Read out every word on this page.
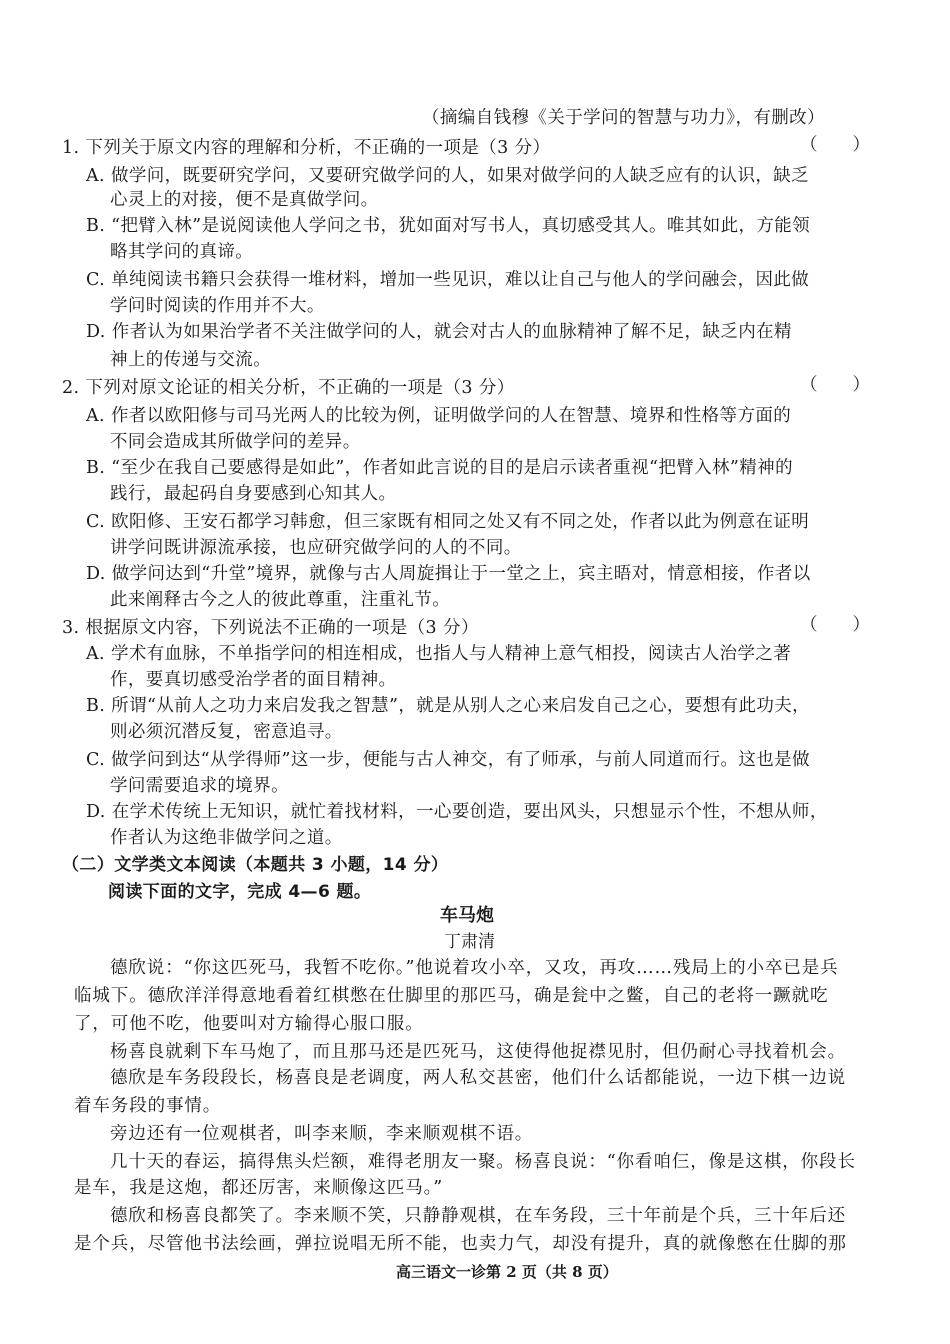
（摘编自钱穆《关于学问的智慧与功力》，有删改）
1. 下列关于原文内容的理解和分析，不正确的一项是（3 分）	（　　）
A. 做学问，既要研究学问，又要研究做学问的人，如果对做学问的人缺乏应有的认识，缺乏
心灵上的对接，便不是真做学问。
B. “把臂入林”是说阅读他人学问之书，犹如面对写书人，真切感受其人。唯其如此，方能领
略其学问的真谛。
C. 单纯阅读书籍只会获得一堆材料，增加一些见识，难以让自己与他人的学问融会，因此做
学问时阅读的作用并不大。
D. 作者认为如果治学者不关注做学问的人，就会对古人的血脉精神了解不足，缺乏内在精
神上的传递与交流。
2. 下列对原文论证的相关分析，不正确的一项是（3 分）	（　　）
A. 作者以欧阳修与司马光两人的比较为例，证明做学问的人在智慧、境界和性格等方面的
不同会造成其所做学问的差异。
B. “至少在我自己要感得是如此”，作者如此言说的目的是启示读者重视“把臂入林”精神的
践行，最起码自身要感到心知其人。
C. 欧阳修、王安石都学习韩愈，但三家既有相同之处又有不同之处，作者以此为例意在证明
讲学问既讲源流承接，也应研究做学问的人的不同。
D. 做学问达到“升堂”境界，就像与古人周旋揖让于一堂之上，宾主晤对，情意相接，作者以
此来阐释古今之人的彼此尊重，注重礼节。
3. 根据原文内容，下列说法不正确的一项是（3 分）	（　　）
A. 学术有血脉，不单指学问的相连相成，也指人与人精神上意气相投，阅读古人治学之著
作，要真切感受治学者的面目精神。
B. 所谓“从前人之功力来启发我之智慧”，就是从别人之心来启发自己之心，要想有此功夫，
则必须沉潜反复，密意追寻。
C. 做学问到达“从学得师”这一步，便能与古人神交，有了师承，与前人同道而行。这也是做
学问需要追求的境界。
D. 在学术传统上无知识，就忙着找材料，一心要创造，要出风头，只想显示个性，不想从师，
作者认为这绝非做学问之道。
（二）文学类文本阅读（本题共 3 小题，14 分）
阅读下面的文字，完成 4—6 题。
车马炮
丁肃清
德欣说：“你这匹死马，我暂不吃你。”他说着攻小卒，又攻，再攻……残局上的小卒已是兵
临城下。德欣洋洋得意地看着红棋憋在仕脚里的那匹马，确是瓮中之鳖，自己的老将一蹶就吃
了，可他不吃，他要叫对方输得心服口服。
杨喜良就剩下车马炮了，而且那马还是匹死马，这使得他捉襟见肘，但仍耐心寻找着机会。
德欣是车务段段长，杨喜良是老调度，两人私交甚密，他们什么话都能说，一边下棋一边说
着车务段的事情。
旁边还有一位观棋者，叫李来顺，李来顺观棋不语。
几十天的春运，搞得焦头烂额，难得老朋友一聚。杨喜良说：“你看咱仨，像是这棋，你段长
是车，我是这炮，都还厉害，来顺像这匹马。”
德欣和杨喜良都笑了。李来顺不笑，只静静观棋，在车务段，三十年前是个兵，三十年后还
是个兵，尽管他书法绘画，弹拉说唱无所不能，也卖力气，却没有提升，真的就像憋在仕脚的那
高三语文一诊第 2 页（共 8 页）
